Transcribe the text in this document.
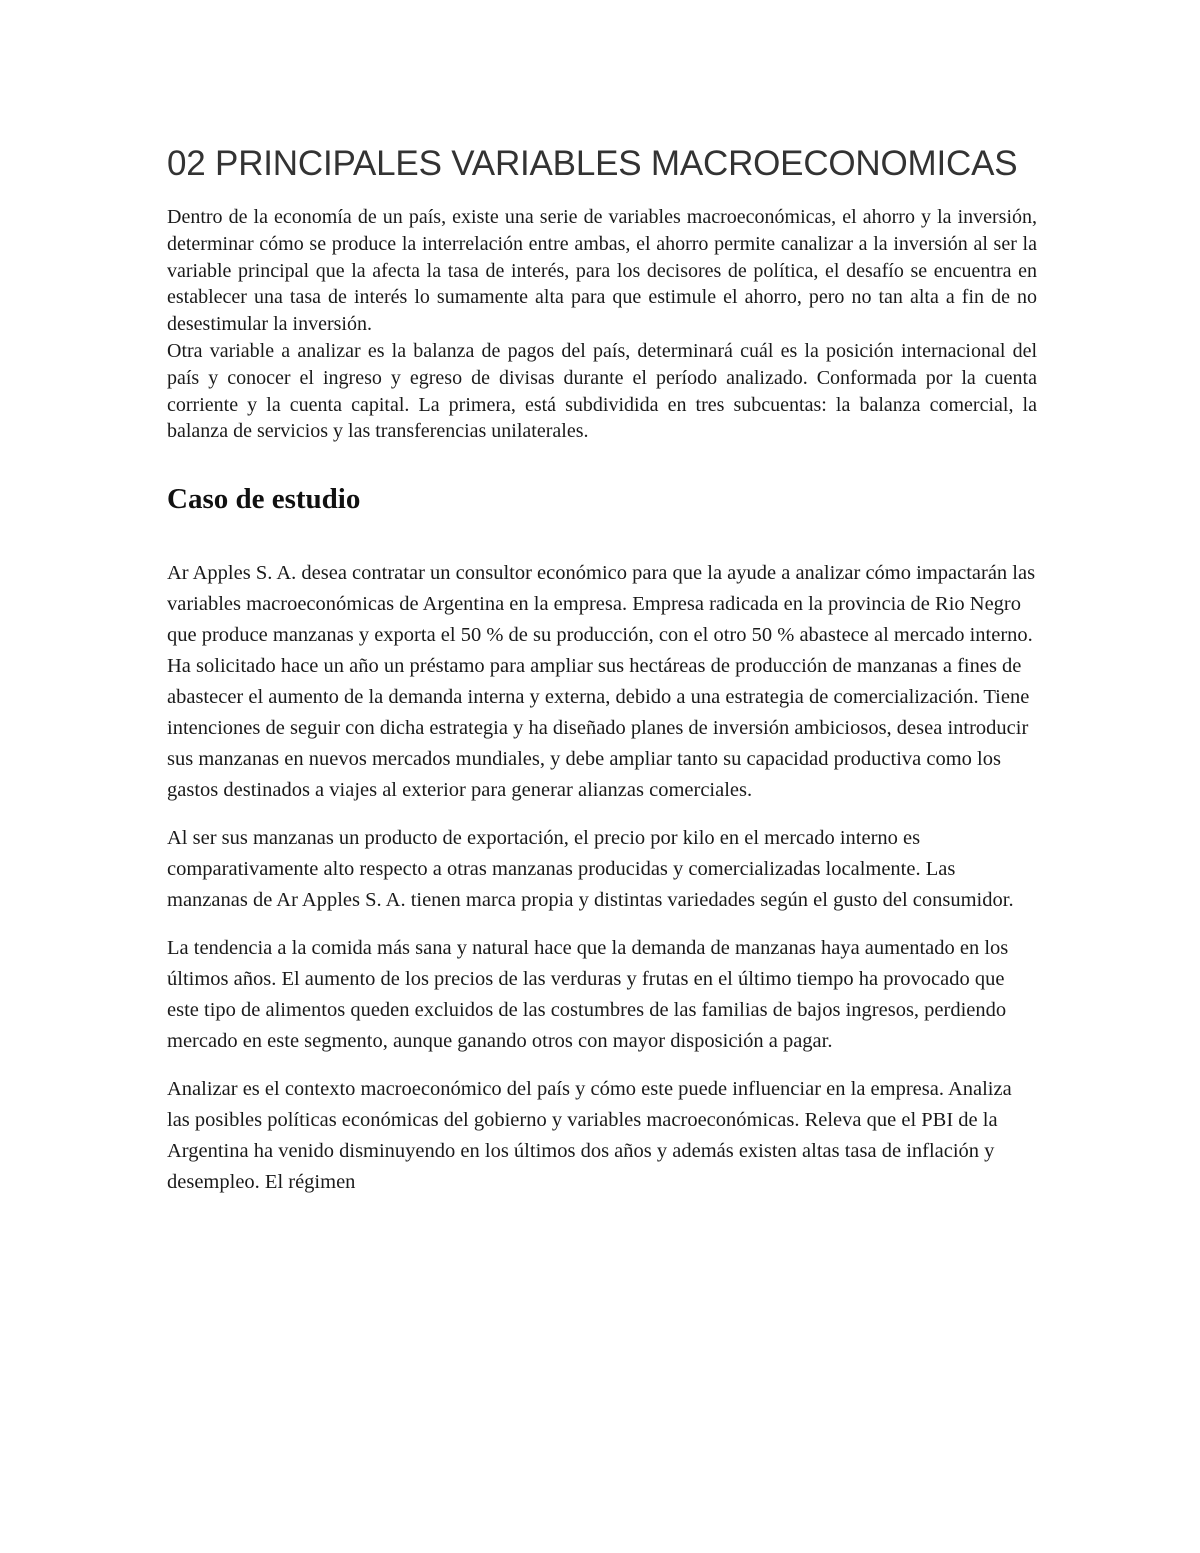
02 PRINCIPALES VARIABLES MACROECONOMICAS

Dentro de la economía de un país, existe una serie de variables macroeconómicas, el ahorro y la inversión, determinar cómo se produce la interrelación entre ambas, el ahorro permite canalizar a la inversión al ser la variable principal que la afecta la tasa de interés, para los decisores de política, el desafío se encuentra en establecer una tasa de interés lo sumamente alta para que estimule el ahorro, pero no tan alta a fin de no desestimular la inversión.

Otra variable a analizar es la balanza de pagos del país, determinará cuál es la posición internacional del país y conocer el ingreso y egreso de divisas durante el período analizado. Conformada por la cuenta corriente y la cuenta capital. La primera, está subdividida en tres subcuentas: la balanza comercial, la balanza de servicios y las transferencias unilaterales.

Caso de estudio

Ar Apples S. A. desea contratar un consultor económico para que la ayude a analizar cómo impactarán las variables macroeconómicas de Argentina en la empresa. Empresa radicada en la provincia de Rio Negro que produce manzanas y exporta el 50 % de su producción, con el otro 50 % abastece al mercado interno. Ha solicitado hace un año un préstamo para ampliar sus hectáreas de producción de manzanas a fines de abastecer el aumento de la demanda interna y externa, debido a una estrategia de comercialización. Tiene intenciones de seguir con dicha estrategia y ha diseñado planes de inversión ambiciosos, desea introducir sus manzanas en nuevos mercados mundiales, y debe ampliar tanto su capacidad productiva como los gastos destinados a viajes al exterior para generar alianzas comerciales.

Al ser sus manzanas un producto de exportación, el precio por kilo en el mercado interno es comparativamente alto respecto a otras manzanas producidas y comercializadas localmente. Las manzanas de Ar Apples S. A. tienen marca propia y distintas variedades según el gusto del consumidor.

La tendencia a la comida más sana y natural hace que la demanda de manzanas haya aumentado en los últimos años. El aumento de los precios de las verduras y frutas en el último tiempo ha provocado que este tipo de alimentos queden excluidos de las costumbres de las familias de bajos ingresos, perdiendo mercado en este segmento, aunque ganando otros con mayor disposición a pagar.

Analizar es el contexto macroeconómico del país y cómo este puede influenciar en la empresa. Analiza las posibles políticas económicas del gobierno y variables macroeconómicas. Releva que el PBI de la Argentina ha venido disminuyendo en los últimos dos años y además existen altas tasa de inflación y desempleo. El régimen
